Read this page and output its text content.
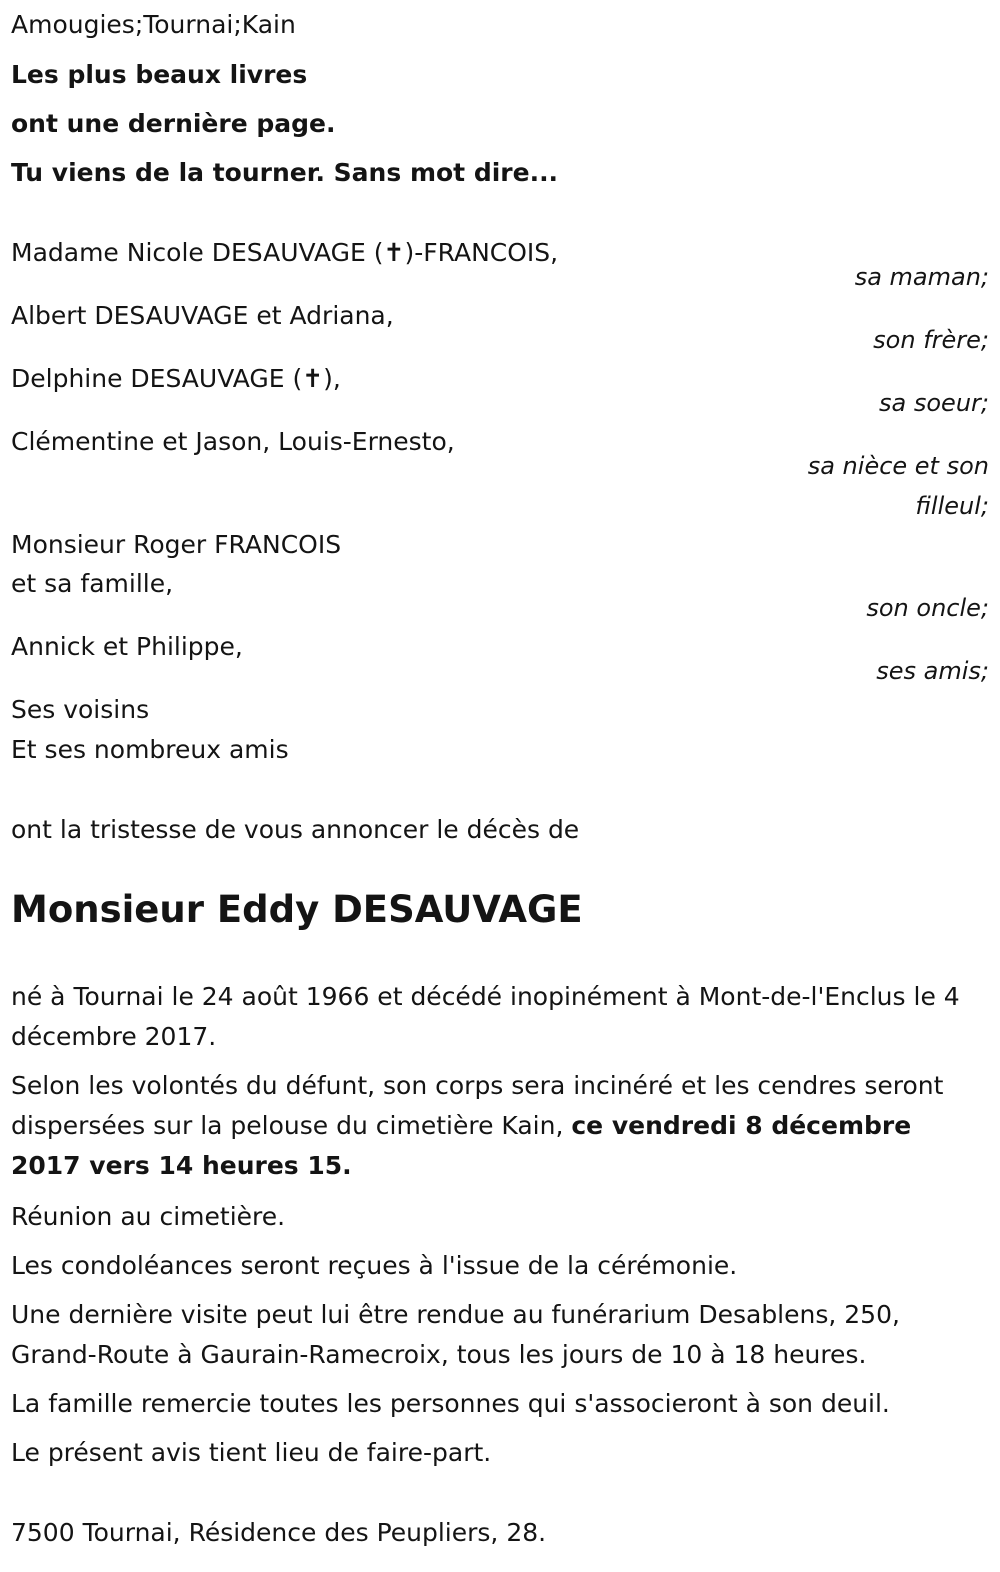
Amougies;Tournai;Kain
Les plus beaux livres
ont une dernière page.
Tu viens de la tourner. Sans mot dire...
Madame Nicole DESAUVAGE (✝)-FRANCOIS,
sa maman;
Albert DESAUVAGE et Adriana,
son frère;
Delphine DESAUVAGE (✝),
sa soeur;
Clémentine et Jason, Louis-Ernesto,
sa nièce et son
filleul;
Monsieur Roger FRANCOIS
et sa famille,
son oncle;
Annick et Philippe,
ses amis;
Ses voisins
Et ses nombreux amis
ont la tristesse de vous annoncer le décès de
Monsieur Eddy DESAUVAGE
né à Tournai le 24 août 1966 et décédé inopinément à Mont-de-l'Enclus le 4 décembre 2017.
Selon les volontés du défunt, son corps sera incinéré et les cendres seront dispersées sur la pelouse du cimetière Kain, ce vendredi 8 décembre 2017 vers 14 heures 15.
Réunion au cimetière.
Les condoléances seront reçues à l'issue de la cérémonie.
Une dernière visite peut lui être rendue au funérarium Desablens, 250, Grand-Route à Gaurain-Ramecroix, tous les jours de 10 à 18 heures.
La famille remercie toutes les personnes qui s'associeront à son deuil.
Le présent avis tient lieu de faire-part.
7500 Tournai, Résidence des Peupliers, 28.
